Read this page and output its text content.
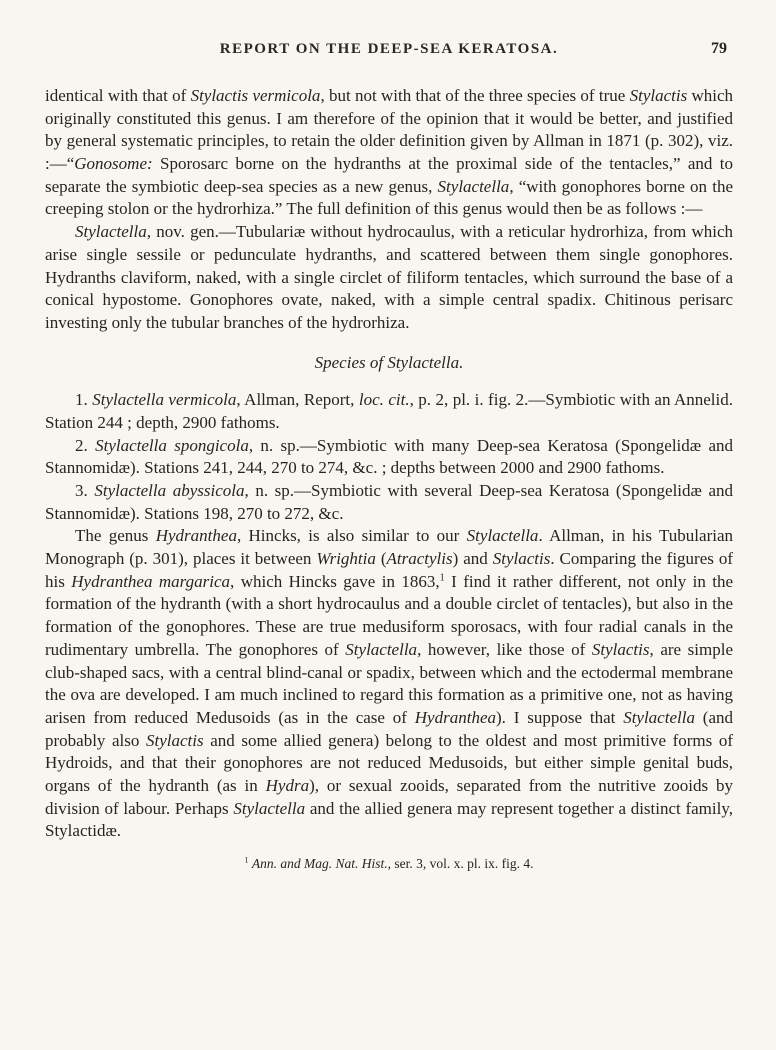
REPORT ON THE DEEP-SEA KERATOSA.	79

identical with that of Stylactis vermicola, but not with that of the three species of true Stylactis which originally constituted this genus. I am therefore of the opinion that it would be better, and justified by general systematic principles, to retain the older definition given by Allman in 1871 (p. 302), viz. :—“Gonosome: Sporosarc borne on the hydranths at the proximal side of the tentacles,” and to separate the symbiotic deep-sea species as a new genus, Stylactella, “with gonophores borne on the creeping stolon or the hydrorhiza.” The full definition of this genus would then be as follows :—

Stylactella, nov. gen.—Tubulariæ without hydrocaulus, with a reticular hydrorhiza, from which arise single sessile or pedunculate hydranths, and scattered between them single gonophores. Hydranths claviform, naked, with a single circlet of filiform tentacles, which surround the base of a conical hypostome. Gonophores ovate, naked, with a simple central spadix. Chitinous perisarc investing only the tubular branches of the hydrorhiza.

Species of Stylactella.

1. Stylactella vermicola, Allman, Report, loc. cit., p. 2, pl. i. fig. 2.—Symbiotic with an Annelid. Station 244 ; depth, 2900 fathoms.

2. Stylactella spongicola, n. sp.—Symbiotic with many Deep-sea Keratosa (Spongelidæ and Stannomidæ). Stations 241, 244, 270 to 274, &c. ; depths between 2000 and 2900 fathoms.

3. Stylactella abyssicola, n. sp.—Symbiotic with several Deep-sea Keratosa (Spongelidæ and Stannomidæ). Stations 198, 270 to 272, &c.

The genus Hydranthea, Hincks, is also similar to our Stylactella. Allman, in his Tubularian Monograph (p. 301), places it between Wrightia (Atractylis) and Stylactis. Comparing the figures of his Hydranthea margarica, which Hincks gave in 1863,$^1$ I find it rather different, not only in the formation of the hydranth (with a short hydrocaulus and a double circlet of tentacles), but also in the formation of the gonophores. These are true medusiform sporosacs, with four radial canals in the rudimentary umbrella. The gonophores of Stylactella, however, like those of Stylactis, are simple club-shaped sacs, with a central blind-canal or spadix, between which and the ectodermal membrane the ova are developed. I am much inclined to regard this formation as a primitive one, not as having arisen from reduced Medusoids (as in the case of Hydranthea). I suppose that Stylactella (and probably also Stylactis and some allied genera) belong to the oldest and most primitive forms of Hydroids, and that their gonophores are not reduced Medusoids, but either simple genital buds, organs of the hydranth (as in Hydra), or sexual zooids, separated from the nutritive zooids by division of labour. Perhaps Stylactella and the allied genera may represent together a distinct family, Stylactidæ.

$^1$ Ann. and Mag. Nat. Hist., ser. 3, vol. x. pl. ix. fig. 4.
